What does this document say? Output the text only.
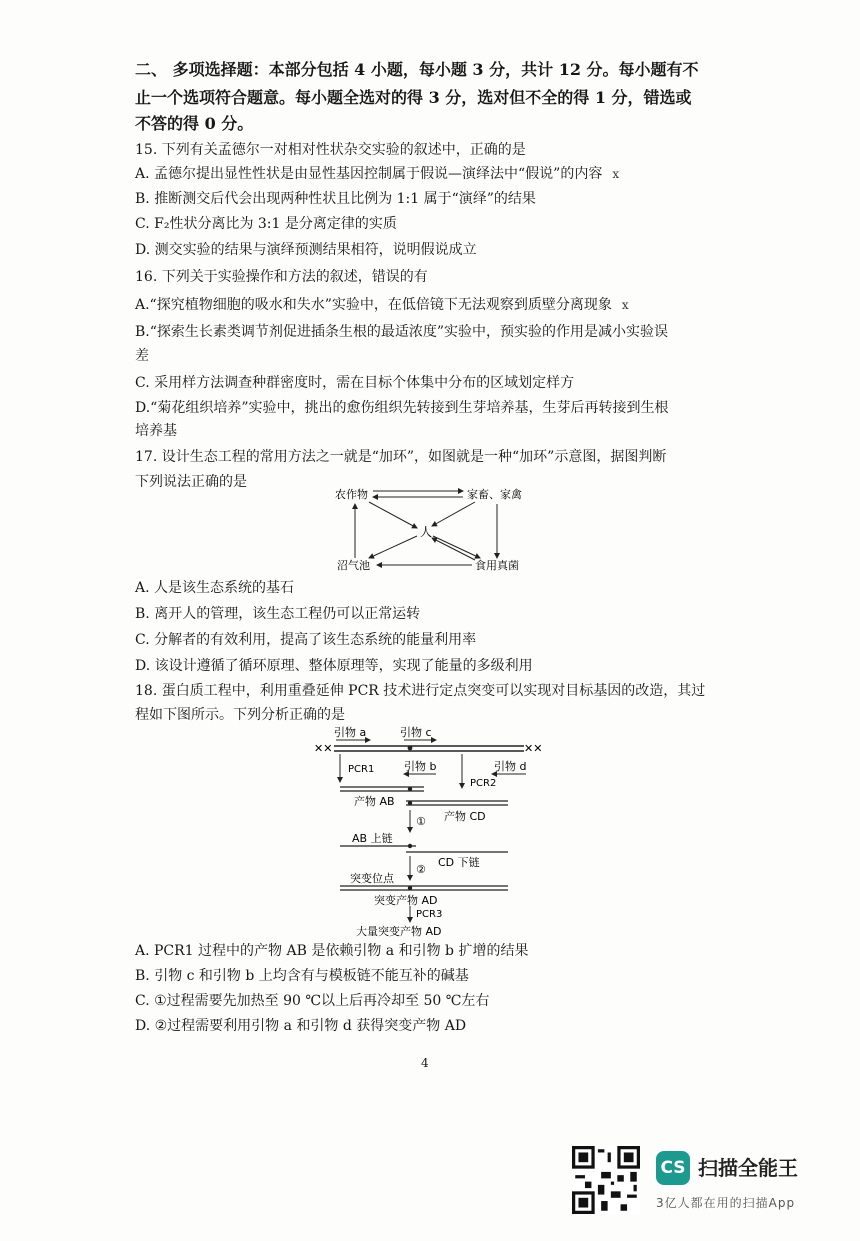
二、 多项选择题：本部分包括 4 小题，每小题 3 分，共计 12 分。每小题有不
止一个选项符合题意。每小题全选对的得 3 分，选对但不全的得 1 分，错选或
不答的得 0 分。
15. 下列有关孟德尔一对相对性状杂交实验的叙述中，正确的是
A. 孟德尔提出显性性状是由显性基因控制属于假说—演绎法中“假说”的内容 x
B. 推断测交后代会出现两种性状且比例为 1:1 属于“演绎”的结果
C. F₂性状分离比为 3:1 是分离定律的实质
D. 测交实验的结果与演绎预测结果相符，说明假说成立
16. 下列关于实验操作和方法的叙述，错误的有
A.“探究植物细胞的吸水和失水”实验中，在低倍镜下无法观察到质壁分离现象 x
B.“探索生长素类调节剂促进插条生根的最适浓度”实验中，预实验的作用是减小实验误
差
C. 采用样方法调查种群密度时，需在目标个体集中分布的区域划定样方
D.“菊花组织培养”实验中，挑出的愈伤组织先转接到生芽培养基，生芽后再转接到生根
培养基
17. 设计生态工程的常用方法之一就是“加环”，如图就是一种“加环”示意图，据图判断
下列说法正确的是
农作物	家畜、家禽
人
沼气池	食用真菌
A. 人是该生态系统的基石
B. 离开人的管理，该生态工程仍可以正常运转
C. 分解者的有效利用，提高了该生态系统的能量利用率
D. 该设计遵循了循环原理、整体原理等，实现了能量的多级利用
18. 蛋白质工程中，利用重叠延伸 PCR 技术进行定点突变可以实现对目标基因的改造，其过
程如下图所示。下列分析正确的是
引物 a	引物 c
✕✕	✕✕
PCR1	引物 b
PCR2
引物 d
产物 AB
① 产物 CD
AB 上链
②
CD 下链
突变位点
突变产物 AD
PCR3
大量突变产物 AD
A. PCR1 过程中的产物 AB 是依赖引物 a 和引物 b 扩增的结果
B. 引物 c 和引物 b 上均含有与模板链不能互补的碱基
C. ①过程需要先加热至 90 ℃以上后再冷却至 50 ℃左右
D. ②过程需要利用引物 a 和引物 d 获得突变产物 AD
4
CS 扫描全能王
3亿人都在用的扫描App
